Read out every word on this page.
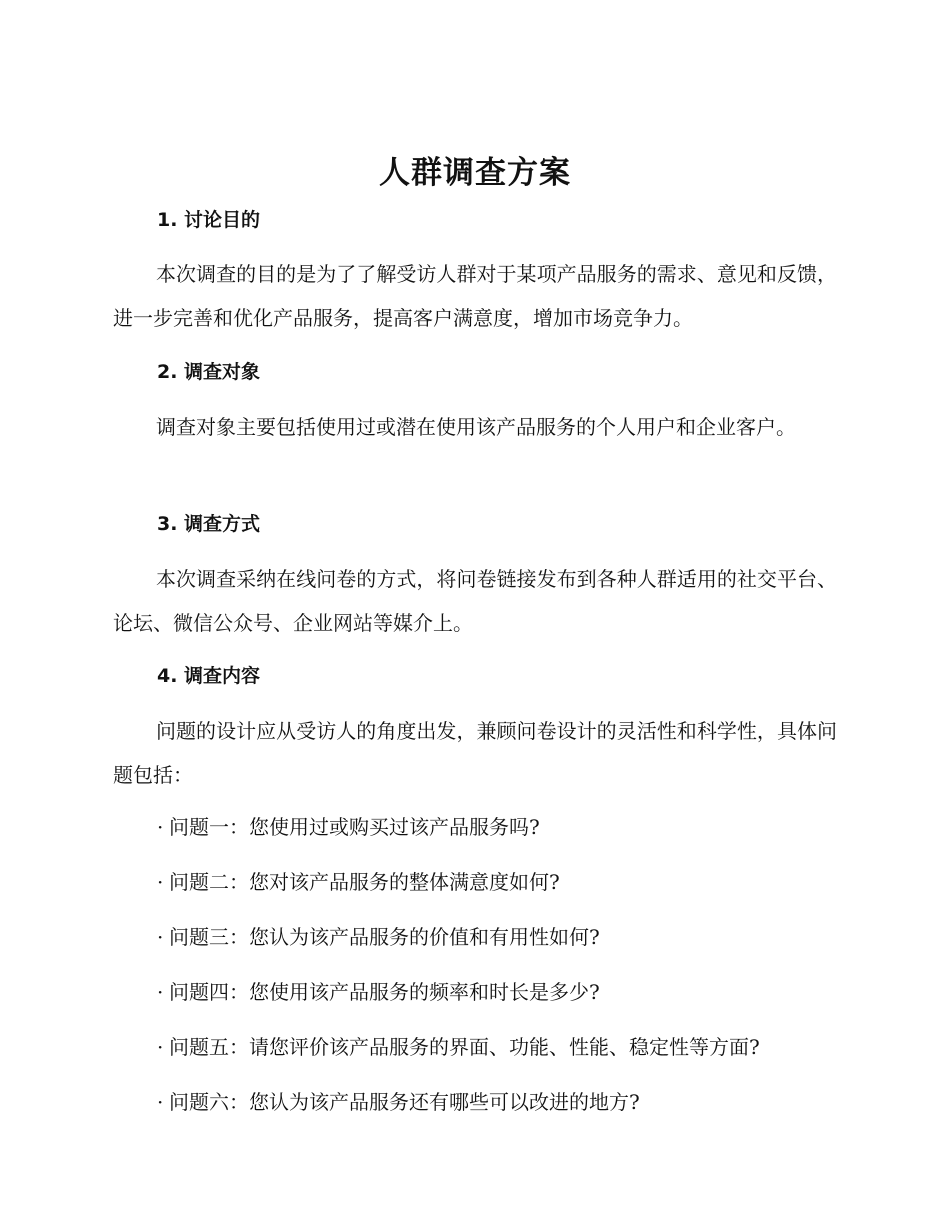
人群调查方案
1. 讨论目的

本次调查的目的是为了了解受访人群对于某项产品服务的需求、意见和反馈，进一步完善和优化产品服务，提高客户满意度，增加市场竞争力。

2. 调查对象

调查对象主要包括使用过或潜在使用该产品服务的个人用户和企业客户。

3. 调查方式

本次调查采纳在线问卷的方式，将问卷链接发布到各种人群适用的社交平台、论坛、微信公众号、企业网站等媒介上。

4. 调查内容

问题的设计应从受访人的角度出发，兼顾问卷设计的灵活性和科学性，具体问题包括：

· 问题一：您使用过或购买过该产品服务吗?

· 问题二：您对该产品服务的整体满意度如何?

· 问题三：您认为该产品服务的价值和有用性如何?

· 问题四：您使用该产品服务的频率和时长是多少?

· 问题五：请您评价该产品服务的界面、功能、性能、稳定性等方面?

· 问题六：您认为该产品服务还有哪些可以改进的地方?
